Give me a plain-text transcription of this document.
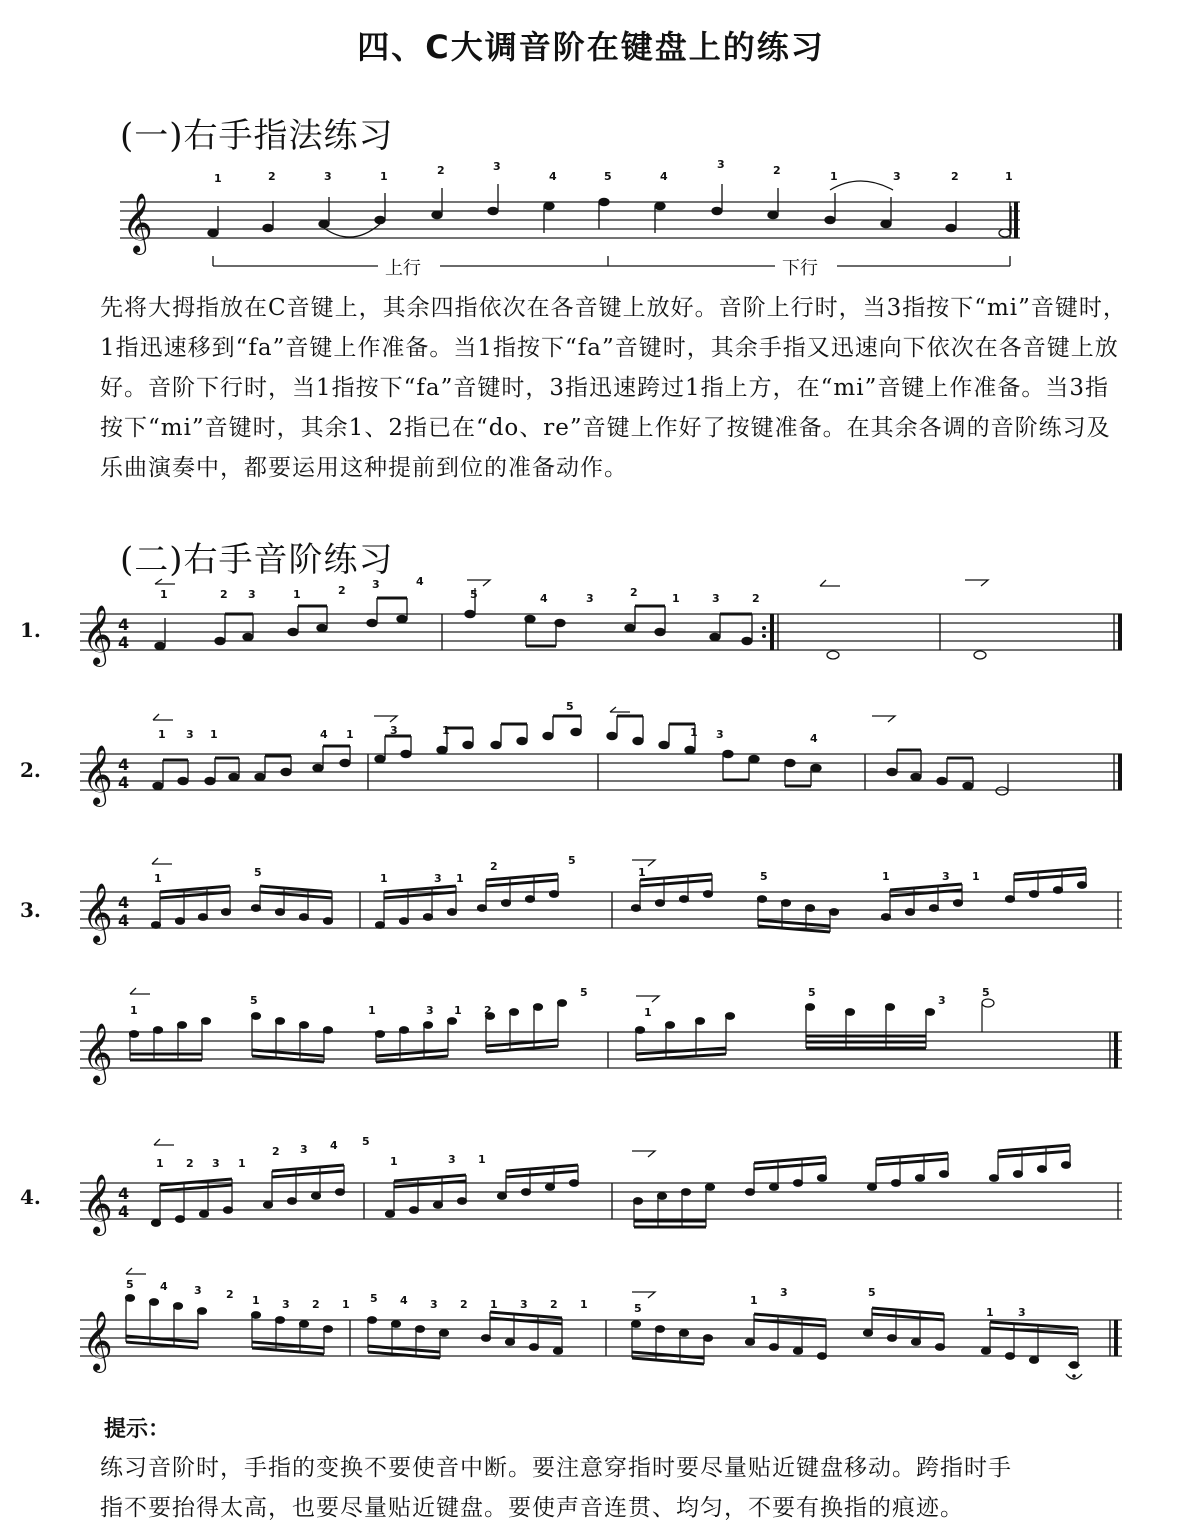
四、C大调音阶在键盘上的练习
(一)右手指法练习
𝄞
1	2	3	1	2	3
4	5	4
3	2	1	3	2	1
上行	下行

先将大拇指放在C音键上，其余四指依次在各音键上放好。音阶上行时，当3指按下“mi”音键时，1指迅速移到“fa”音键上作准备。当1指按下“fa”音键时，其余手指又迅速向下依次在各音键上放好。音阶下行时，当1指按下“fa”音键时，3指迅速跨过1指上方，在“mi”音键上作准备。当3指按下“mi”音键时，其余1、2指已在“do、re”音键上作好了按键准备。在其余各调的音阶练习及乐曲演奏中，都要运用这种提前到位的准备动作。

(二)右手音阶练习
1. 𝄞 4
4
1	2 3	1	2 3	4
5	4	3	2	1	3	2
2. 𝄞 4
4
1 3 1	4 1	3	1
5
1 3	4
3. 𝄞 4
4
1	5	1	3 1
2	5
1	5	1	3 1
𝄞
1
5
1	3 1 2
5
1
5
3
5
4. 𝄞 4
4
1 2 3 1
2 3 4 5
1	3 1
𝄞
5 4 3 2 1 3 2 1 5 4 3 2 1 3 2 1	5
1
3	5
1 3
提示：
练习音阶时，手指的变换不要使音中断。要注意穿指时要尽量贴近键盘移动。跨指时手
指不要抬得太高，也要尽量贴近键盘。要使声音连贯、均匀，不要有换指的痕迹。
